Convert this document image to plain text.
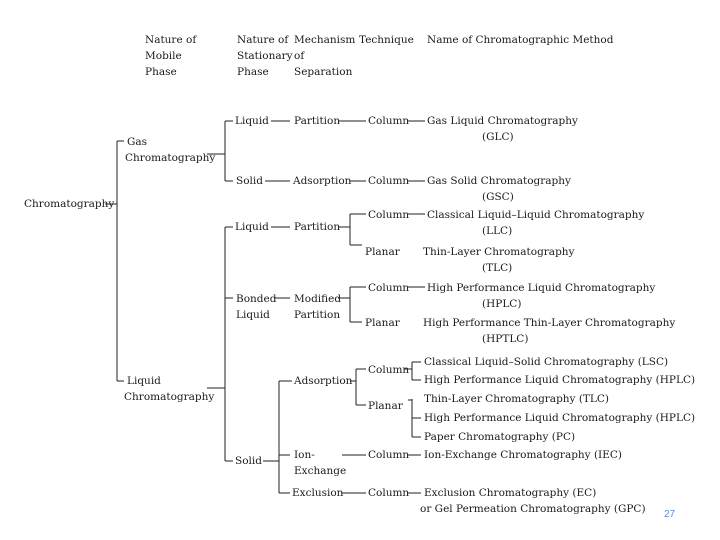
Nature of
Mobile
Phase
Nature of
Stationary
Phase
Mechanism
of
Separation
Technique Name of Chromatographic Method
Chromatography
Gas
Chromatography
Liquid
Chromatography
Liquid
Solid
Liquid
Bonded
Liquid
Solid
Partition
Adsorption
Partition
Modified
Partition
Adsorption
Ion-
Exchange
Exclusion
Column
Column
Column
Planar
Column
Planar
Column
Planar
Column
Column
Gas Liquid Chromatography
(GLC)
Gas Solid Chromatography
(GSC)
Classical Liquid–Liquid Chromatography
(LLC)
Thin-Layer Chromatography
(TLC)
High Performance Liquid Chromatography
(HPLC)
High Performance Thin-Layer Chromatography
(HPTLC)
Classical Liquid–Solid Chromatography (LSC)
High Performance Liquid Chromatography (HPLC)
Thin-Layer Chromatography (TLC)
High Performance Liquid Chromatography (HPLC)
Paper Chromatography (PC)
Ion-Exchange Chromatography (IEC)
Exclusion Chromatography (EC)
or Gel Permeation Chromatography (GPC) 27
